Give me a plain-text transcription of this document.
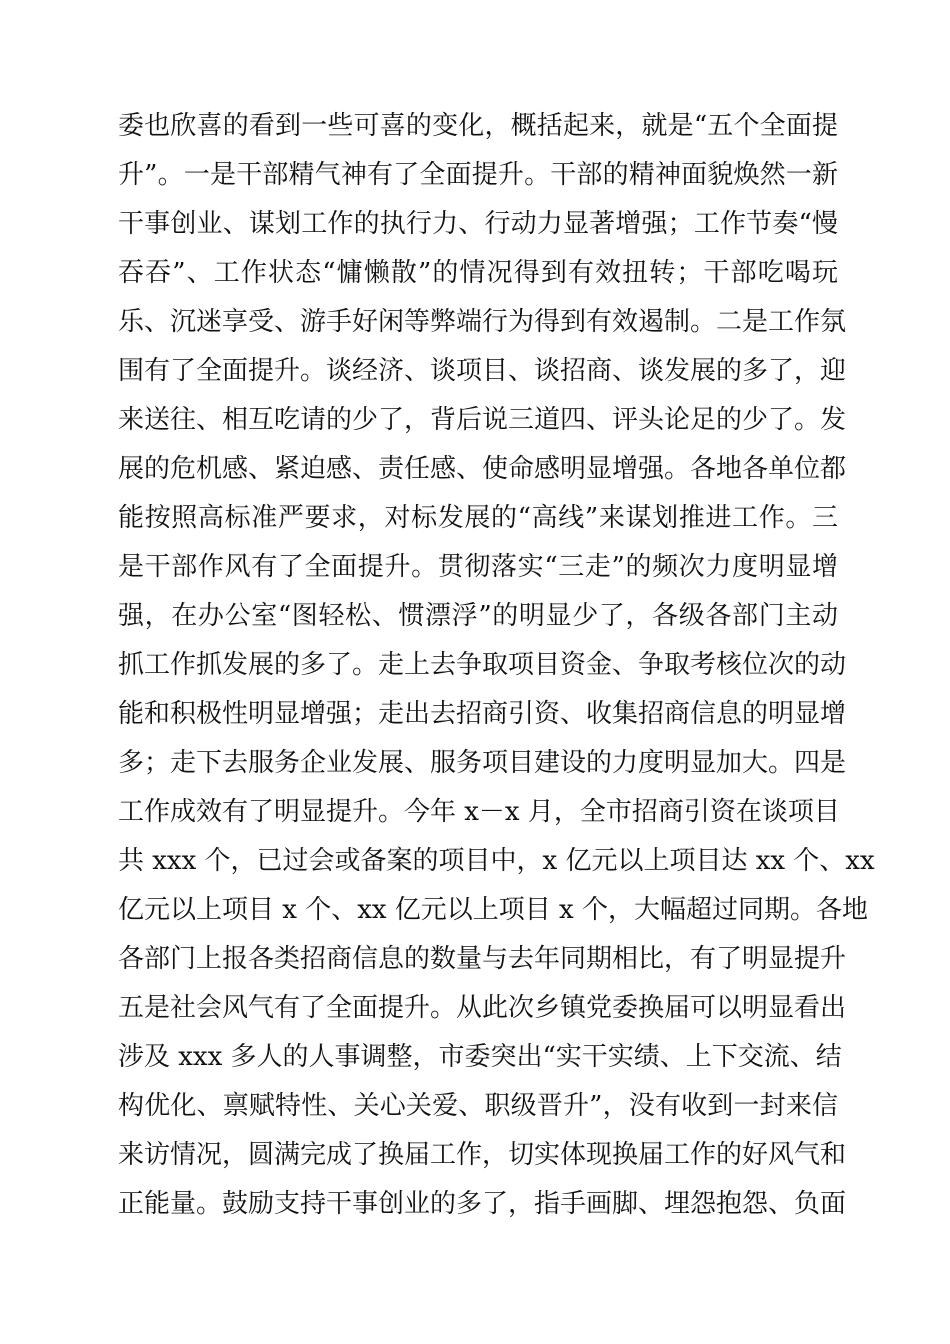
委也欣喜的看到一些可喜的变化，概括起来，就是“五个全面提
升”。一是干部精气神有了全面提升。干部的精神面貌焕然一新
干事创业、谋划工作的执行力、行动力显著增强；工作节奏“慢
吞吞”、工作状态“慵懒散”的情况得到有效扭转；干部吃喝玩
乐、沉迷享受、游手好闲等弊端行为得到有效遏制。二是工作氛
围有了全面提升。谈经济、谈项目、谈招商、谈发展的多了，迎
来送往、相互吃请的少了，背后说三道四、评头论足的少了。发
展的危机感、紧迫感、责任感、使命感明显增强。各地各单位都
能按照高标准严要求，对标发展的“高线”来谋划推进工作。三
是干部作风有了全面提升。贯彻落实“三走”的频次力度明显增
强，在办公室“图轻松、惯漂浮”的明显少了，各级各部门主动
抓工作抓发展的多了。走上去争取项目资金、争取考核位次的动
能和积极性明显增强；走出去招商引资、收集招商信息的明显增
多；走下去服务企业发展、服务项目建设的力度明显加大。四是
工作成效有了明显提升。今年 x－x 月，全市招商引资在谈项目
共 xxx 个，已过会或备案的项目中，x 亿元以上项目达 xx 个、xx
亿元以上项目 x 个、xx 亿元以上项目 x 个，大幅超过同期。各地
各部门上报各类招商信息的数量与去年同期相比，有了明显提升
五是社会风气有了全面提升。从此次乡镇党委换届可以明显看出
涉及 xxx 多人的人事调整，市委突出“实干实绩、上下交流、结
构优化、禀赋特性、关心关爱、职级晋升”，没有收到一封来信
来访情况，圆满完成了换届工作，切实体现换届工作的好风气和
正能量。鼓励支持干事创业的多了，指手画脚、埋怨抱怨、负面
